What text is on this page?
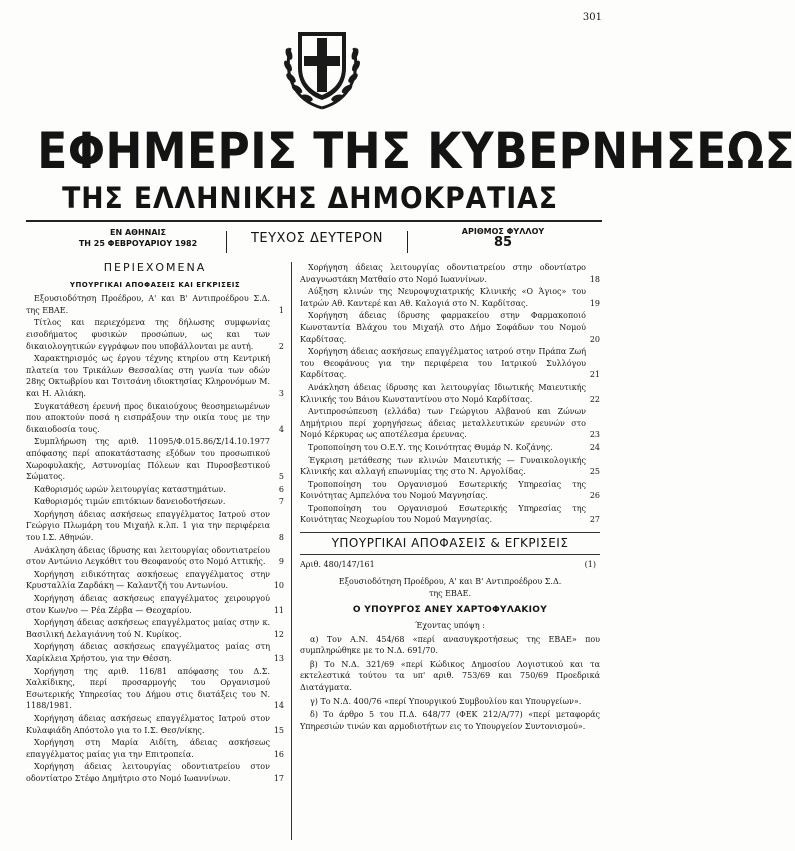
301
ΕΦΗΜΕΡΙΣ ΤΗΣ ΚΥΒΕΡΝΗΣΕΩΣ
ΤΗΣ ΕΛΛΗΝΙΚΗΣ ΔΗΜΟΚΡΑΤΙΑΣ
ΕΝ ΑΘΗΝΑΙΣ
ΤΗ 25 ΦΕΒΡΟΥΑΡΙΟΥ 1982	ΤΕΥΧΟΣ ΔΕΥΤΕΡΟΝ	ΑΡΙΘΜΟΣ ΦΥΛΛΟΥ
85
ΠΕΡΙΕΧΟΜΕΝΑ
ΥΠΟΥΡΓΙΚΑΙ ΑΠΟΦΑΣΕΙΣ ΚΑΙ ΕΓΚΡΙΣΕΙΣ
Εξουσιοδότηση Προέδρου, Α' και Β' Αντιπροέδρου Σ.Δ. της ΕΒΑΕ.	1
Τίτλος και περιεχόμενα της δήλωσης συμφωνίας εισοδήματος φυσικών προσώπων, ως και των δικαιολογητικών εγγράφων που υποβάλλονται με αυτή.	2
Χαρακτηρισμός ως έργου τέχνης κτηρίου στη Κεντρική πλατεία του Τρικάλων Θεσσαλίας στη γωνία των οδών 28ης Οκτωβρίου και Τσιτσάνη ιδιοκτησίας Κληρονόμων Μ. και Η. Αλιάκη.	3
Συγκατάθεση έρευνή προς δικαιούχους θεοσημειωμένων που αποκτούν ποσά η εισπράξουν την οικία τους με την δικαιοδοσία τους.	4
Συμπλήρωση της αριθ. 11095/Φ.015.86/Σ/14.10.1977 απόφασης περί αποκατάστασης εξόδων του προσωπικού Χωροφυλακής, Αστυνομίας Πόλεων και Πυροσβεστικού Σώματος.	5
Καθορισμός ωρών λειτουργίας καταστημάτων.	6
Καθορισμός τιμών επιτόκιων δανειοδοτήσεων.	7
Χορήγηση άδειας ασκήσεως επαγγέλματος Ιατρού στον Γεώργιο Πλωμάρη του Μιχαήλ κ.λπ. 1 για την περιφέρεια του Ι.Σ. Αθηνών.	8
Ανάκληση άδειας ίδρυσης και λειτουργίας οδοντιατρείου στον Αντώνιο Λεγκόθιτ του Θεοφανούς στο Νομό Αττικής. 9
Χορήγηση ειδικότητας ασκήσεως επαγγέλματος στην Κρυσταλλία Ζαρδάκη — Καλαντζή του Αντωνίου.	10
Χορήγηση άδειας ασκήσεως επαγγέλματος χειρουργού στον Κων/νο — Ρέα Ζέρβα — Θεοχαρίου.	11
Χορήγηση άδειας ασκήσεως επαγγέλματος μαίας στην κ. Βασιλική Δελαγιάννη τού Ν. Κυρίκος.	12
Χορήγηση άδειας ασκήσεως επαγγέλματος μαίας στη Χαρίκλεια Χρήστου, για την Θέσση.	13
Χορήγηση της αριθ. 116/81 απόφασης του Δ.Σ. Χαλκίδικης, περί προσαρμογής του Οργανισμού Εσωτερικής Υπηρεσίας του Δήμου στις διατάξεις του Ν. 1188/1981.	14
Χορήγηση άδειας ασκήσεως επαγγέλματος Ιατρού στον Κυλαφιάδη Απόστολο για το Ι.Σ. Θεσ/νίκης.	15
Χορήγηση στη Μαρία Αιδίτη, άδειας ασκήσεως επαγγέλματος μαίας για την Επιτροπεία.	16
Χορήγηση άδειας λειτουργίας οδοντιατρείου στον οδοντίατρο Στέφο Δημήτριο στο Νομό Ιωαννίνων.	17
Χορήγηση άδειας λειτουργίας οδοντιατρείου στην οδοντίατρο Αναγνωστάκη Ματθαίο στο Νομό Ιωαννίνων.	18
Αύξηση κλινών της Νευροψυχιατρικής Κλινικής «Ο Άγιος» του Ιατρών Αθ. Καντερέ και Αθ. Καλογιά στο Ν. Καρδίτσας.	19
Χορήγηση άδειας ίδρυσης φαρμακείου στην Φαρμακοποιό Κωνσταντία Βλάχου του Μιχαήλ στο Δήμο Σοφάδων του Νομού Καρδίτσας.	20
Χορήγηση άδειας ασκήσεως επαγγέλματος ιατρού στην Πράπα Ζωή του Θεοφάνους για την περιφέρεια του Ιατρικού Συλλόγου Καρδίτσας.	21
Ανάκληση άδειας ίδρυσης και λειτουργίας Ιδιωτικής Μαιευτικής Κλινικής του Βάιου Κωνσταντίνου στο Νομό Καρδίτσας.	22
Αντιπροσώπευση (ελλάδα) των Γεώργιου Αλβανού και Ζώνων Δημήτριου περί χορηγήσεως άδειας μεταλλευτικών ερευνών στο Νομό Κέρκυρας ως αποτέλεσμα έρευνας.	23
Τροποποίηση του Ο.Ε.Υ. της Κοινότητας Θυμάρ Ν. Κοζάνης.	24
Έγκριση μετάθεσης των κλινών Μαιευτικής — Γυναικολογικής Κλινικής και αλλαγή επωνυμίας της στο Ν. Αργολίδας.	25
Τροποποίηση του Οργανισμού Εσωτερικής Υπηρεσίας της Κοινότητας Αμπελόνα του Νομού Μαγνησίας.	26
Τροποποίηση του Οργανισμού Εσωτερικής Υπηρεσίας της Κοινότητας Νεοχωρίου του Νομού Μαγνησίας.	27
ΥΠΟΥΡΓΙΚΑΙ ΑΠΟΦΑΣΕΙΣ & ΕΓΚΡΙΣΕΙΣ
Αριθ. 480/147/161	(1)
Εξουσιοδότηση Προέδρου, Α' και Β' Αντιπροέδρου Σ.Δ.
της ΕΒΑΕ.
Ο ΥΠΟΥΡΓΟΣ ΑΝΕΥ ΧΑΡΤΟΦΥΛΑΚΙΟΥ
Έχοντας υπόψη :
α) Τον Α.Ν. 454/68 «περί ανασυγκροτήσεως της ΕΒΑΕ» που συμπληρώθηκε με το Ν.Δ. 691/70.
β) Το Ν.Δ. 321/69 «περί Κώδικος Δημοσίου Λογιστικού και τα εκτελεστικά τούτου τα υπ' αριθ. 753/69 και 750/69 Προεδρικά Διατάγματα.
γ) Το Ν.Δ. 400/76 «περί Υπουργικού Συμβουλίου και Υπουργείων».
δ) Το άρθρο 5 του Π.Δ. 648/77 (ΦΕΚ 212/Α/77) «περί μεταφοράς Υπηρεσιών τινών και αρμοδιοτήτων εις το Υπουργείον Συντονισμού».
